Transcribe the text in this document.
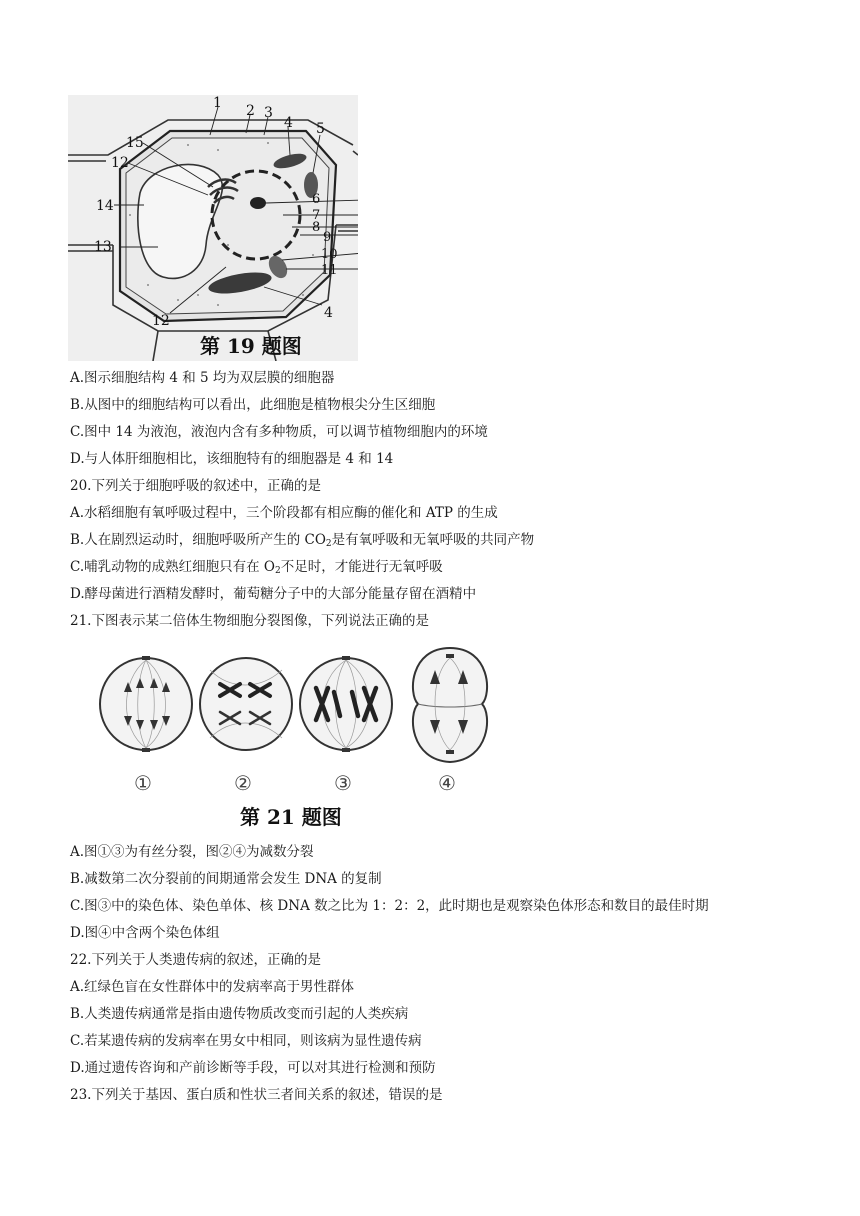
1 2 3
4 5
6
7
8
9
10
11
12
13
14
15
12	4
第 19 题图
A.图示细胞结构 4 和 5 均为双层膜的细胞器
B.从图中的细胞结构可以看出，此细胞是植物根尖分生区细胞
C.图中 14 为液泡，液泡内含有多种物质，可以调节植物细胞内的环境
D.与人体肝细胞相比，该细胞特有的细胞器是 4 和 14
20.下列关于细胞呼吸的叙述中，正确的是
A.水稻细胞有氧呼吸过程中，三个阶段都有相应酶的催化和 ATP 的生成
B.人在剧烈运动时，细胞呼吸所产生的 $CO_2$是有氧呼吸和无氧呼吸的共同产物
C.哺乳动物的成熟红细胞只有在 $O_2$不足时，才能进行无氧呼吸
D.酵母菌进行酒精发酵时，葡萄糖分子中的大部分能量存留在酒精中
21.下图表示某二倍体生物细胞分裂图像，下列说法正确的是
①	②	③	④
第 21 题图
A.图①③为有丝分裂，图②④为减数分裂
B.减数第二次分裂前的间期通常会发生 DNA 的复制
C.图③中的染色体、染色单体、核 DNA 数之比为 1：2：2，此时期也是观察染色体形态和数目的最佳时期
D.图④中含两个染色体组
22.下列关于人类遗传病的叙述，正确的是
A.红绿色盲在女性群体中的发病率高于男性群体
B.人类遗传病通常是指由遗传物质改变而引起的人类疾病
C.若某遗传病的发病率在男女中相同，则该病为显性遗传病
D.通过遗传咨询和产前诊断等手段，可以对其进行检测和预防
23.下列关于基因、蛋白质和性状三者间关系的叙述，错误的是
